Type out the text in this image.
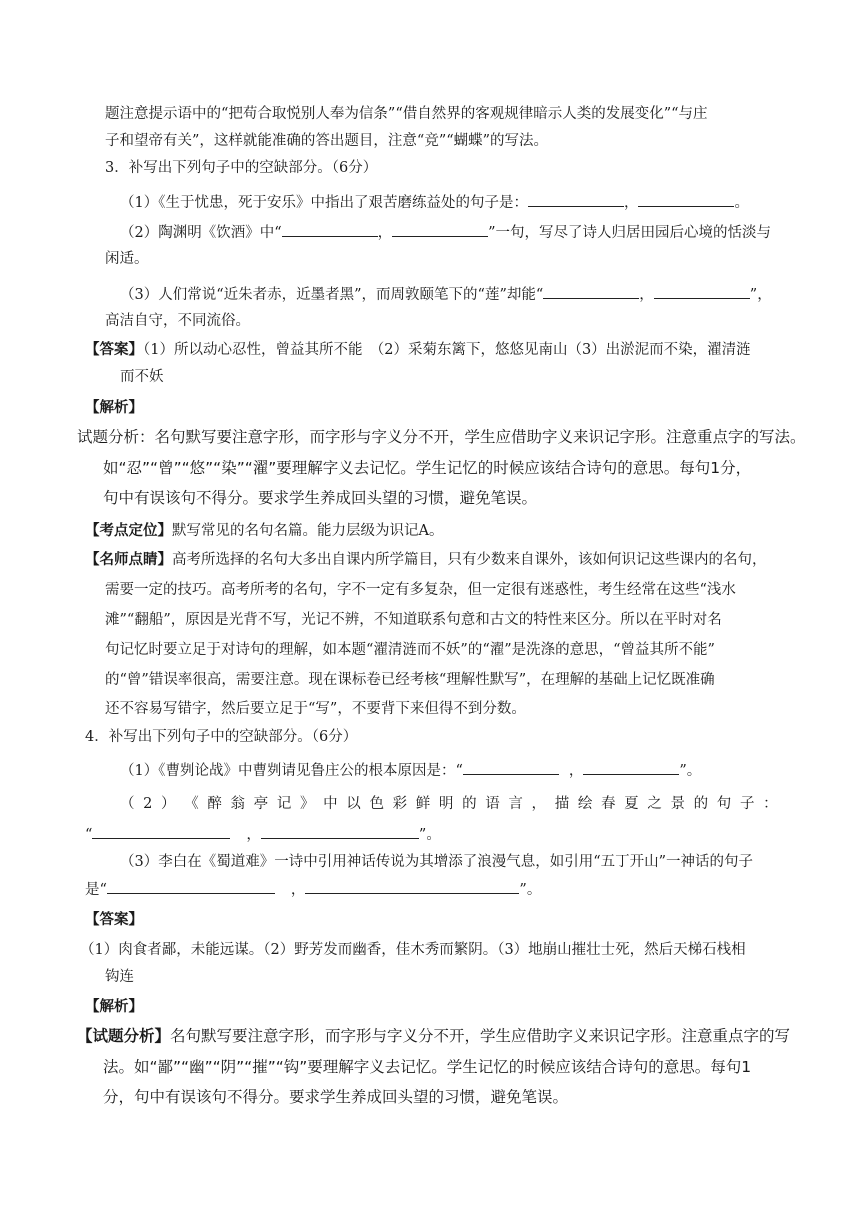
题注意提示语中的“把苟合取悦别人奉为信条”“借自然界的客观规律暗示人类的发展变化”“与庄
子和望帝有关”，这样就能准确的答出题目，注意“竞”“蝴蝶”的写法。
3．补写出下列句子中的空缺部分。（6分）
（1）《生于忧患，死于安乐》中指出了艰苦磨练益处的句子是：	，	。
（2）陶渊明《饮酒》中“	，	”一句，写尽了诗人归居田园后心境的恬淡与
闲适。
（3）人们常说“近朱者赤，近墨者黑”，而周敦颐笔下的“莲”却能“	，	”，
高洁自守，不同流俗。
【答案】（1）所以动心忍性，曾益其所不能　（2）采菊东篱下，悠悠见南山（3）出淤泥而不染，濯清涟
而不妖
【解析】
试题分析：名句默写要注意字形，而字形与字义分不开，学生应借助字义来识记字形。注意重点字的写法。
如“忍”“曾”“悠”“染”“濯”要理解字义去记忆。学生记忆的时候应该结合诗句的意思。每句1分，
句中有误该句不得分。要求学生养成回头望的习惯，避免笔误。
【考点定位】默写常见的名句名篇。能力层级为识记A。
【名师点睛】高考所选择的名句大多出自课内所学篇目，只有少数来自课外，该如何识记这些课内的名句，
需要一定的技巧。高考所考的名句，字不一定有多复杂，但一定很有迷惑性，考生经常在这些“浅水
滩”“翻船”，原因是光背不写，光记不辨，不知道联系句意和古文的特性来区分。所以在平时对名
句记忆时要立足于对诗句的理解，如本题“濯清涟而不妖”的“濯”是洗涤的意思，“曾益其所不能”
的“曾”错误率很高，需要注意。现在课标卷已经考核“理解性默写”，在理解的基础上记忆既准确
还不容易写错字，然后要立足于“写”，不要背下来但得不到分数。
4．补写出下列句子中的空缺部分。（6分）
（1）《曹刿论战》中曹刿请见鲁庄公的根本原因是：“	，	”。
（ 2 ） 《 醉 翁 亭 记 》 中 以 色 彩 鲜 明 的 语 言 ， 描 绘 春 夏 之 景 的 句 子 ：
“	，	”。
（3）李白在《蜀道难》一诗中引用神话传说为其增添了浪漫气息，如引用“五丁开山”一神话的句子
是“	，	”。
【答案】
（1）肉食者鄙，未能远谋。（2）野芳发而幽香，佳木秀而繁阴。（3）地崩山摧壮士死，然后天梯石栈相
钩连
【解析】
【试题分析】名句默写要注意字形，而字形与字义分不开，学生应借助字义来识记字形。注意重点字的写
法。如“鄙”“幽”“阴”“摧”“钩”要理解字义去记忆。学生记忆的时候应该结合诗句的意思。每句1
分，句中有误该句不得分。要求学生养成回头望的习惯，避免笔误。
